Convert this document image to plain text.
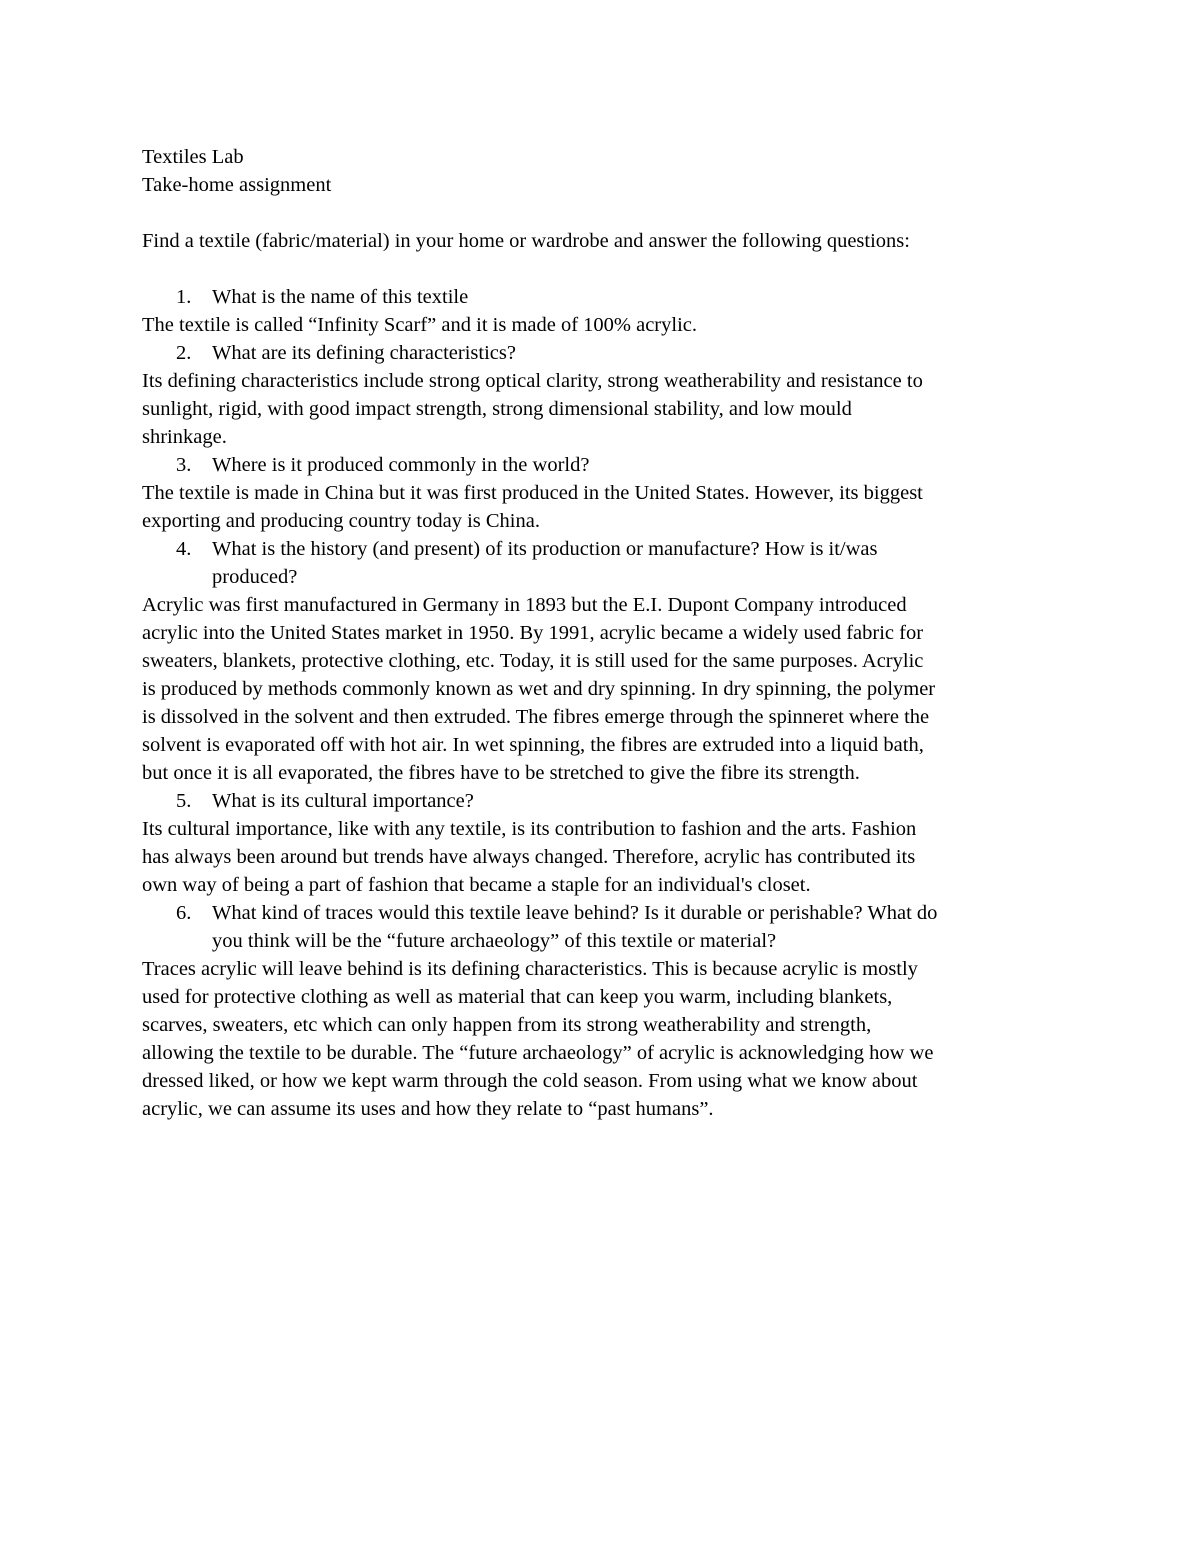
Textiles Lab
Take-home assignment
Find a textile (fabric/material) in your home or wardrobe and answer the following questions:
1. What is the name of this textile
The textile is called “Infinity Scarf” and it is made of 100% acrylic.
2. What are its defining characteristics?
Its defining characteristics include strong optical clarity, strong weatherability and resistance to
sunlight, rigid, with good impact strength, strong dimensional stability, and low mould
shrinkage.
3. Where is it produced commonly in the world?
The textile is made in China but it was first produced in the United States. However, its biggest
exporting and producing country today is China.
4. What is the history (and present) of its production or manufacture? How is it/was
produced?
Acrylic was first manufactured in Germany in 1893 but the E.I. Dupont Company introduced
acrylic into the United States market in 1950. By 1991, acrylic became a widely used fabric for
sweaters, blankets, protective clothing, etc. Today, it is still used for the same purposes. Acrylic
is produced by methods commonly known as wet and dry spinning. In dry spinning, the polymer
is dissolved in the solvent and then extruded. The fibres emerge through the spinneret where the
solvent is evaporated off with hot air. In wet spinning, the fibres are extruded into a liquid bath,
but once it is all evaporated, the fibres have to be stretched to give the fibre its strength.
5. What is its cultural importance?
Its cultural importance, like with any textile, is its contribution to fashion and the arts. Fashion
has always been around but trends have always changed. Therefore, acrylic has contributed its
own way of being a part of fashion that became a staple for an individual's closet.
6. What kind of traces would this textile leave behind? Is it durable or perishable? What do
you think will be the “future archaeology” of this textile or material?
Traces acrylic will leave behind is its defining characteristics. This is because acrylic is mostly
used for protective clothing as well as material that can keep you warm, including blankets,
scarves, sweaters, etc which can only happen from its strong weatherability and strength,
allowing the textile to be durable. The “future archaeology” of acrylic is acknowledging how we
dressed liked, or how we kept warm through the cold season. From using what we know about
acrylic, we can assume its uses and how they relate to “past humans”.
